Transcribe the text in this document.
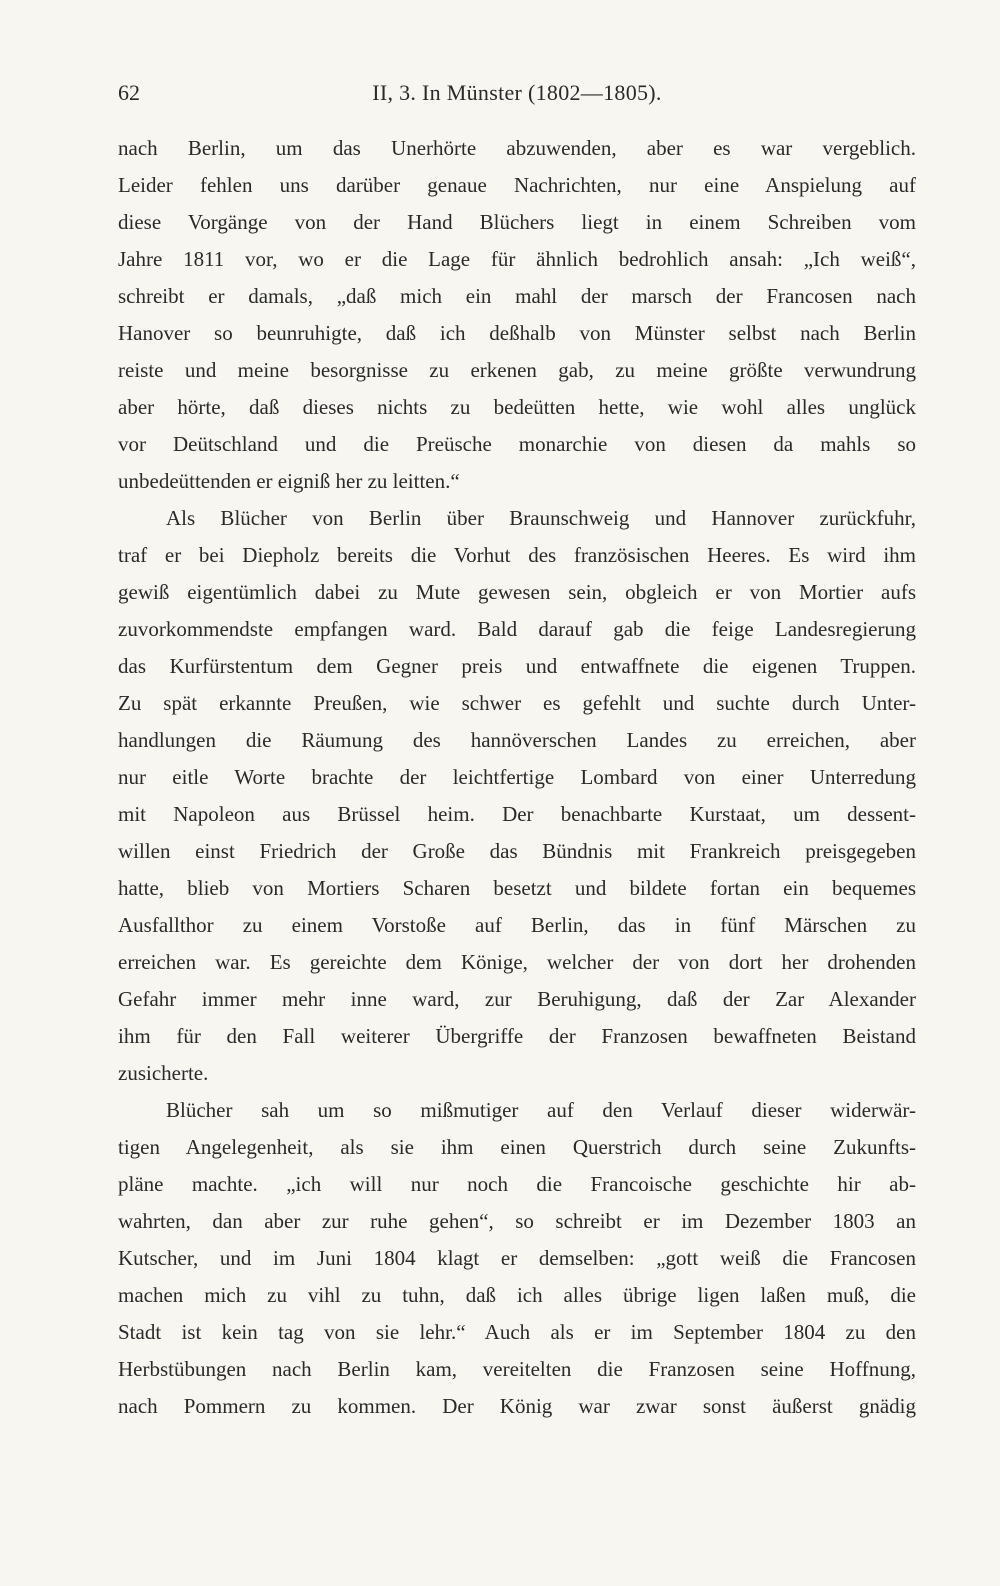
62	II, 3. In Münster (1802—1805).
nach Berlin, um das Unerhörte abzuwenden, aber es war vergeblich.
Leider fehlen uns darüber genaue Nachrichten, nur eine Anspielung auf
diese Vorgänge von der Hand Blüchers liegt in einem Schreiben vom
Jahre 1811 vor, wo er die Lage für ähnlich bedrohlich ansah: „Ich weiß“,
schreibt er damals, „daß mich ein mahl der marsch der Francosen nach
Hanover so beunruhigte, daß ich deßhalb von Münster selbst nach Berlin
reiste und meine besorgnisse zu erkenen gab, zu meine größte verwundrung
aber hörte, daß dieses nichts zu bedeütten hette, wie wohl alles unglück
vor Deütschland und die Preüsche monarchie von diesen da mahls so
unbedeüttenden er eigniß her zu leitten.“
Als Blücher von Berlin über Braunschweig und Hannover zurückfuhr,
traf er bei Diepholz bereits die Vorhut des französischen Heeres. Es wird ihm
gewiß eigentümlich dabei zu Mute gewesen sein, obgleich er von Mortier aufs
zuvorkommendste empfangen ward. Bald darauf gab die feige Landesregierung
das Kurfürstentum dem Gegner preis und entwaffnete die eigenen Truppen.
Zu spät erkannte Preußen, wie schwer es gefehlt und suchte durch Unter-
handlungen die Räumung des hannöverschen Landes zu erreichen, aber
nur eitle Worte brachte der leichtfertige Lombard von einer Unterredung
mit Napoleon aus Brüssel heim. Der benachbarte Kurstaat, um dessent-
willen einst Friedrich der Große das Bündnis mit Frankreich preisgegeben
hatte, blieb von Mortiers Scharen besetzt und bildete fortan ein bequemes
Ausfallthor zu einem Vorstoße auf Berlin, das in fünf Märschen zu
erreichen war. Es gereichte dem Könige, welcher der von dort her drohenden
Gefahr immer mehr inne ward, zur Beruhigung, daß der Zar Alexander
ihm für den Fall weiterer Übergriffe der Franzosen bewaffneten Beistand
zusicherte.
Blücher sah um so mißmutiger auf den Verlauf dieser widerwär-
tigen Angelegenheit, als sie ihm einen Querstrich durch seine Zukunfts-
pläne machte. „ich will nur noch die Francoische geschichte hir ab-
wahrten, dan aber zur ruhe gehen“, so schreibt er im Dezember 1803 an
Kutscher, und im Juni 1804 klagt er demselben: „gott weiß die Francosen
machen mich zu vihl zu tuhn, daß ich alles übrige ligen laßen muß, die
Stadt ist kein tag von sie lehr.“ Auch als er im September 1804 zu den
Herbstübungen nach Berlin kam, vereitelten die Franzosen seine Hoffnung,
nach Pommern zu kommen. Der König war zwar sonst äußerst gnädig
